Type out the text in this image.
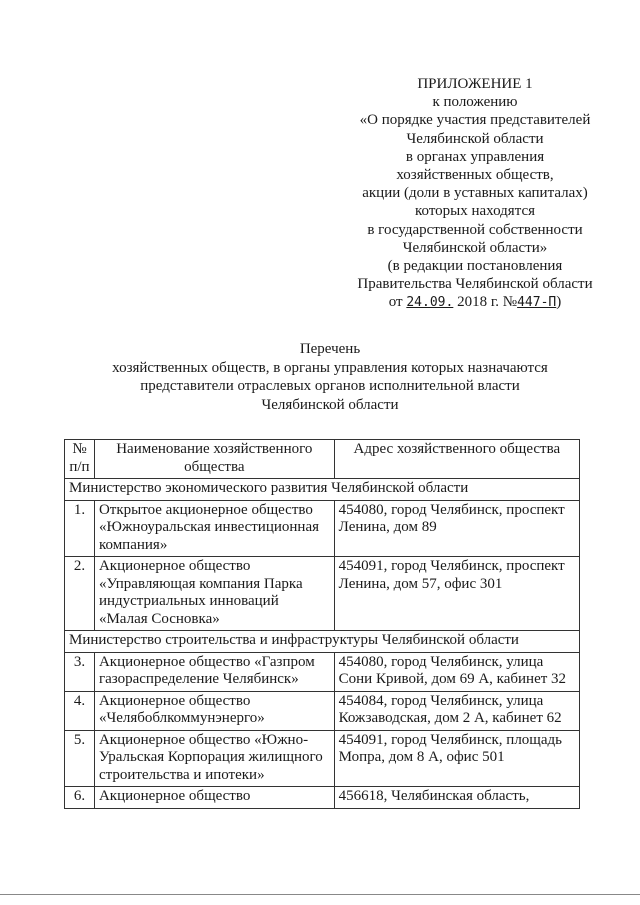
ПРИЛОЖЕНИЕ 1
к положению
«О порядке участия представителей
Челябинской области
в органах управления
хозяйственных обществ,
акции (доли в уставных капиталах)
которых находятся
в государственной собственности
Челябинской области»
(в редакции постановления
Правительства Челябинской области
от 24.09. 2018 г. №447-П)
Перечень
хозяйственных обществ, в органы управления которых назначаются
представители отраслевых органов исполнительной власти
Челябинской области
№ п/п	Наименование хозяйственного общества	Адрес хозяйственного общества
Министерство экономического развития Челябинской области		
1.	Открытое акционерное общество «Южноуральская инвестиционная компания»	454080, город Челябинск, проспект Ленина, дом 89
2.	Акционерное общество «Управляющая компания Парка индустриальных инноваций «Малая Сосновка»	454091, город Челябинск, проспект Ленина, дом 57, офис 301
Министерство строительства и инфраструктуры Челябинской области		
3.	Акционерное общество «Газпром газораспределение Челябинск»	454080, город Челябинск, улица Сони Кривой, дом 69 А, кабинет 32
4.	Акционерное общество «Челябоблкоммунэнерго»	454084, город Челябинск, улица Кожзаводская, дом 2 А, кабинет 62
5.	Акционерное общество «Южно-Уральская Корпорация жилищного строительства и ипотеки»	454091, город Челябинск, площадь Мопра, дом 8 А, офис 501
6.	Акционерное общество	456618, Челябинская область,
